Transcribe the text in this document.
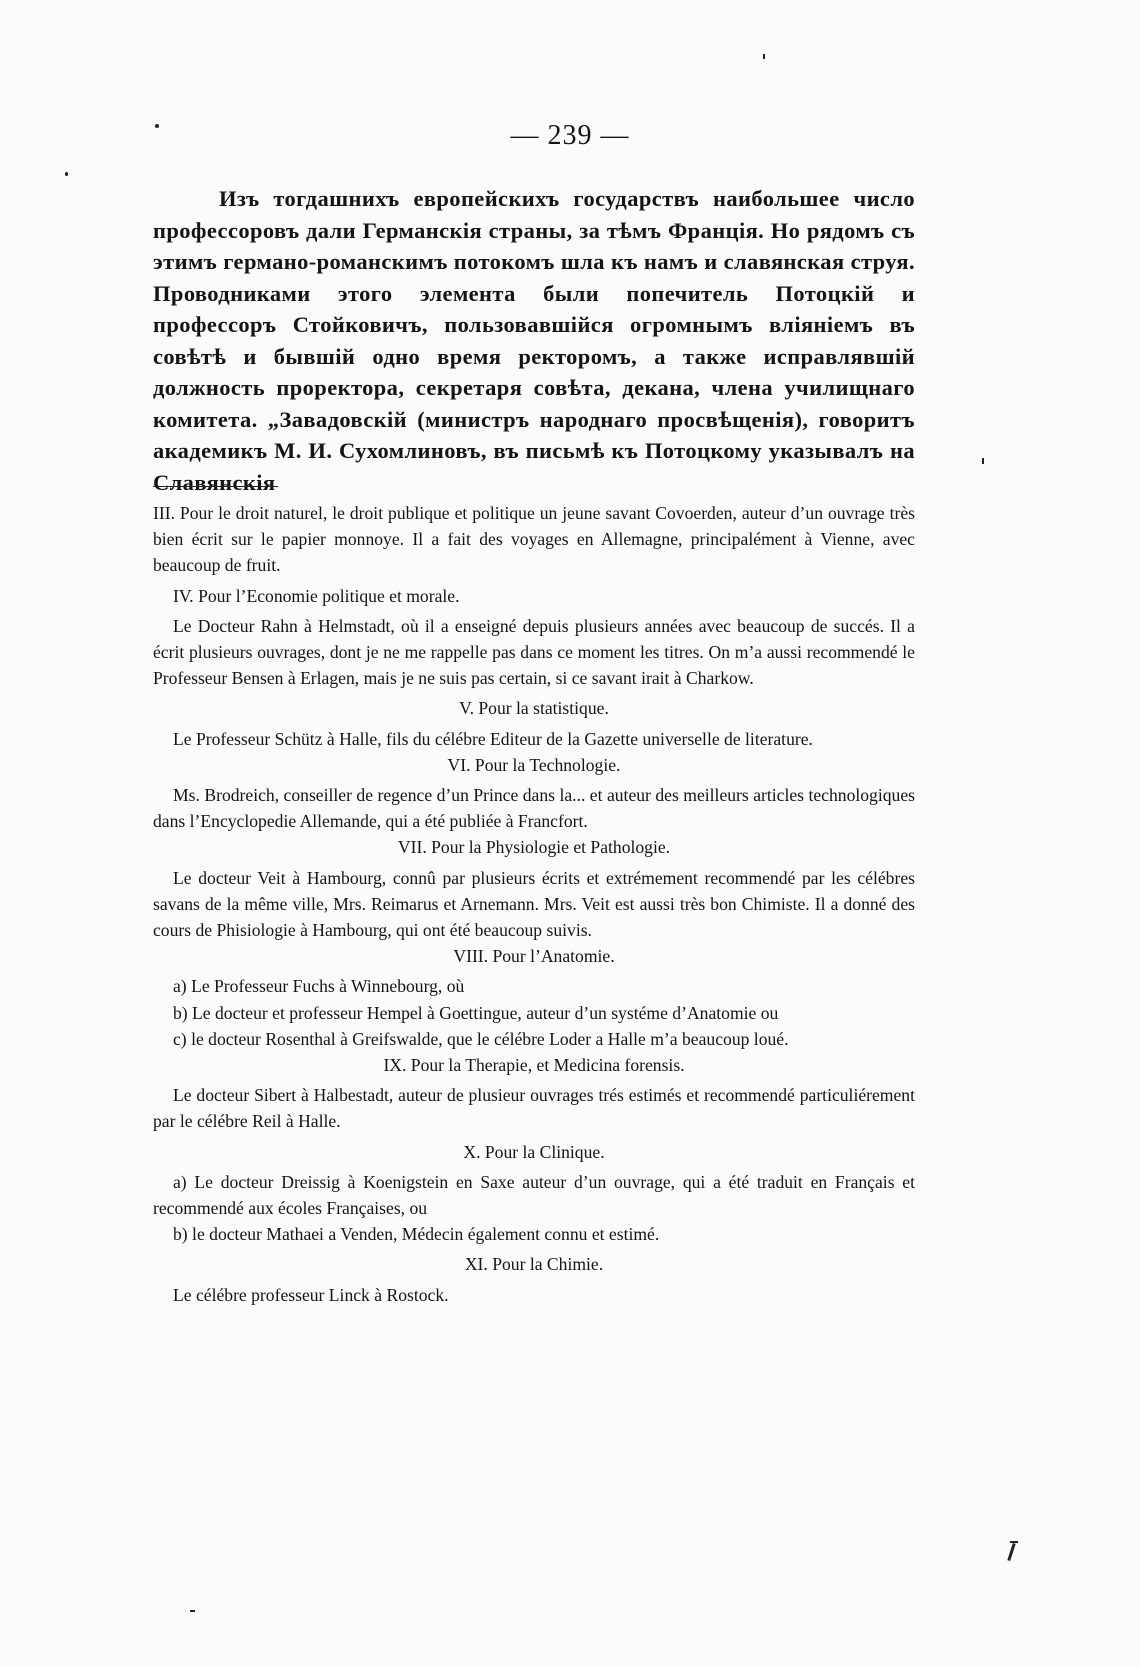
— 239 —

Изъ тогдашнихъ европейскихъ государствъ наибольшее число профессоровъ дали Германскія страны, за тѣмъ Франція. Но рядомъ съ этимъ германо-романскимъ потокомъ шла къ намъ и славянская струя. Проводниками этого элемента были попечитель Потоцкій и профессоръ Стойковичъ, пользовавшійся огромнымъ вліяніемъ въ совѣтѣ и бывшій одно время ректоромъ, а также исправлявшій должность проректора, секретаря совѣта, декана, члена училищнаго комитета. „Завадовскій (министръ народнаго просвѣщенія), говоритъ академикъ М. И. Сухомлиновъ, въ письмѣ къ Потоцкому указывалъ на Славянскія

III. Pour le droit naturel, le droit publique et politique un jeune savant Covoerden, auteur d’un ouvrage très bien écrit sur le papier monnoye. Il a fait des voyages en Allemagne, principalément à Vienne, avec beaucoup de fruit.

IV. Pour l’Economie politique et morale.

Le Docteur Rahn à Helmstadt, où il a enseigné depuis plusieurs années avec beaucoup de succés. Il a écrit plusieurs ouvrages, dont je ne me rappelle pas dans ce moment les titres. On m’a aussi recommendé le Professeur Bensen à Erlagen, mais je ne suis pas certain, si ce savant irait à Charkow.

V. Pour la statistique.

Le Professeur Schütz à Halle, fils du célébre Editeur de la Gazette universelle de literature.

VI. Pour la Technologie.

Ms. Brodreich, conseiller de regence d’un Prince dans la... et auteur des meilleurs articles technologiques dans l’Encyclopedie Allemande, qui a été publiée à Francfort.

VII. Pour la Physiologie et Pathologie.

Le docteur Veit à Hambourg, connû par plusieurs écrits et extrémement recommendé par les célébres savans de la même ville, Mrs. Reimarus et Arnemann. Mrs. Veit est aussi très bon Chimiste. Il a donné des cours de Phisiologie à Hambourg, qui ont été beaucoup suivis.

VIII. Pour l’Anatomie.

a) Le Professeur Fuchs à Winnebourg, où

b) Le docteur et professeur Hempel à Goettingue, auteur d’un systéme d’Anatomie ou

c) le docteur Rosenthal à Greifswalde, que le célébre Loder a Halle m’a beaucoup loué.

IX. Pour la Therapie, et Medicina forensis.

Le docteur Sibert à Halbestadt, auteur de plusieur ouvrages trés estimés et recommendé particuliérement par le célébre Reil à Halle.

X. Pour la Clinique.

a) Le docteur Dreissig à Koenigstein en Saxe auteur d’un ouvrage, qui a été traduit en Français et recommendé aux écoles Françaises, ou

b) le docteur Mathaei a Venden, Médecin également connu et estimé.

XI. Pour la Chimie.

Le célébre professeur Linck à Rostock.
